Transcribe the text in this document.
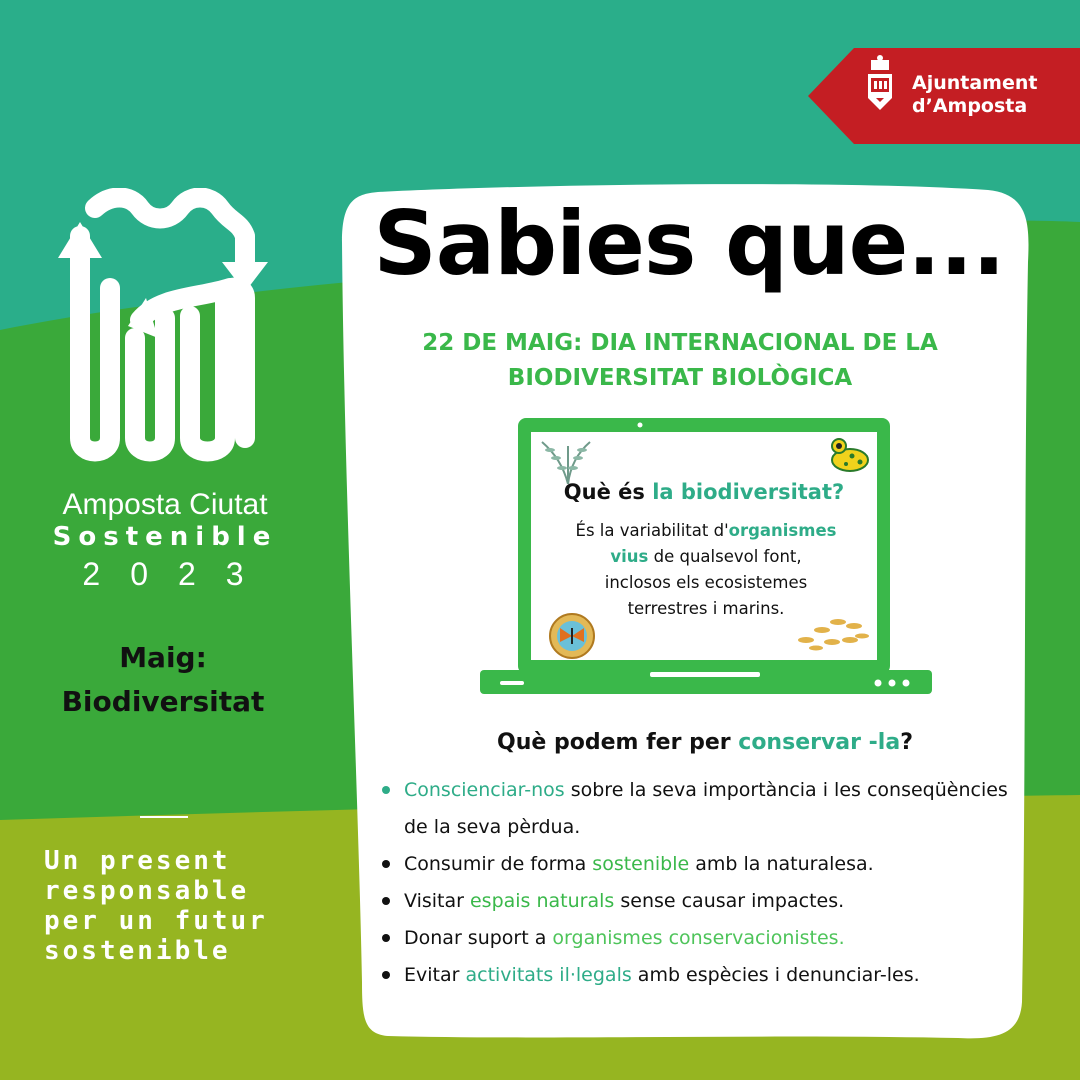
Ajuntament
d’Amposta
Amposta Ciutat
Sostenible
2023
Maig:
Biodiversitat
Un present
responsable
per un futur
sostenible
Sabies que...
22 DE MAIG: DIA INTERNACIONAL DE LA
BIODIVERSITAT BIOLÒGICA
Què és la biodiversitat?
És la variabilitat d'organismes
vius de qualsevol font,
inclosos els ecosistemes
terrestres i marins.
Què podem fer per conservar -la?
Conscienciar-nos sobre la seva importància i les conseqüències de la seva pèrdua.
Consumir de forma sostenible amb la naturalesa.
Visitar espais naturals sense causar impactes.
Donar suport a organismes conservacionistes.
Evitar activitats il·legals amb espècies i denunciar-les.
